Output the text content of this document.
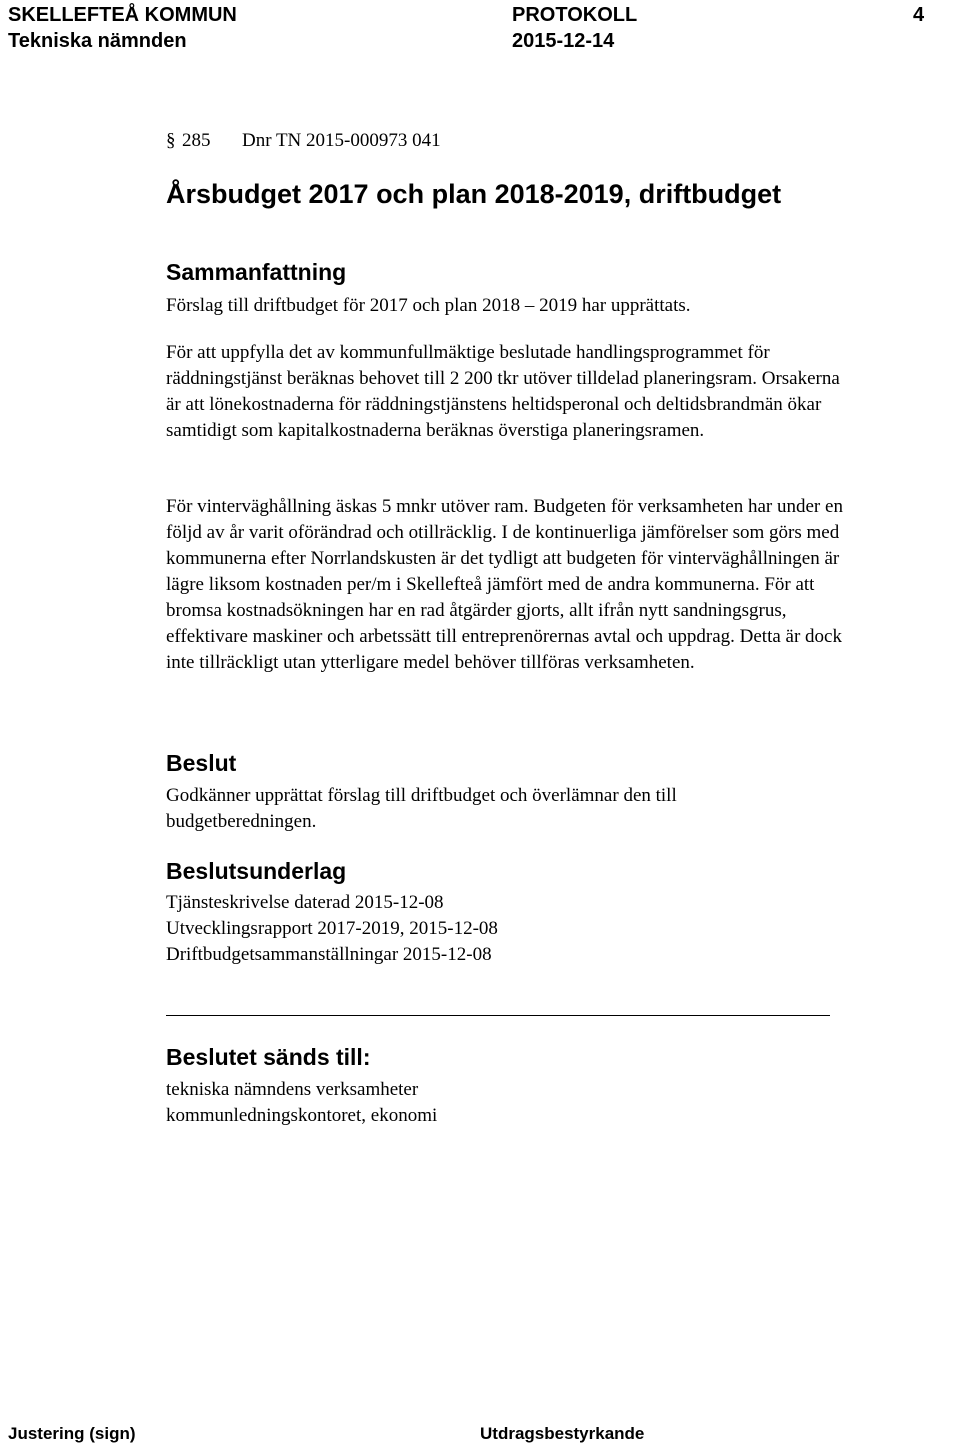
SKELLEFTEÅ KOMMUN	PROTOKOLL	4
Tekniska nämnden	2015-12-14
§ 285 Dnr TN 2015-000973 041
Årsbudget 2017 och plan 2018-2019, driftbudget
Sammanfattning
Förslag till driftbudget för 2017 och plan 2018 – 2019 har upprättats.
För att uppfylla det av kommunfullmäktige beslutade handlingsprogrammet för räddningstjänst beräknas behovet till 2 200 tkr utöver tilldelad planeringsram. Orsakerna är att lönekostnaderna för räddningstjänstens heltidsperonal och deltidsbrandmän ökar samtidigt som kapitalkostnaderna beräknas överstiga planeringsramen.
För vinterväghållning äskas 5 mnkr utöver ram. Budgeten för verksamheten har under en följd av år varit oförändrad och otillräcklig. I de kontinuerliga jämförelser som görs med kommunerna efter Norrlandskusten är det tydligt att budgeten för vinterväghållningen är lägre liksom kostnaden per/m i Skellefteå jämfört med de andra kommunerna. För att bromsa kostnadsökningen har en rad åtgärder gjorts, allt ifrån nytt sandningsgrus, effektivare maskiner och arbetssätt till entreprenörernas avtal och uppdrag. Detta är dock inte tillräckligt utan ytterligare medel behöver tillföras verksamheten.
Beslut
Godkänner upprättat förslag till driftbudget och överlämnar den till budgetberedningen.
Beslutsunderlag
Tjänsteskrivelse daterad 2015-12-08
Utvecklingsrapport 2017-2019, 2015-12-08
Driftbudgetsammanställningar 2015-12-08
Beslutet sänds till:
tekniska nämndens verksamheter
kommunledningskontoret, ekonomi
Justering (sign)	Utdragsbestyrkande
